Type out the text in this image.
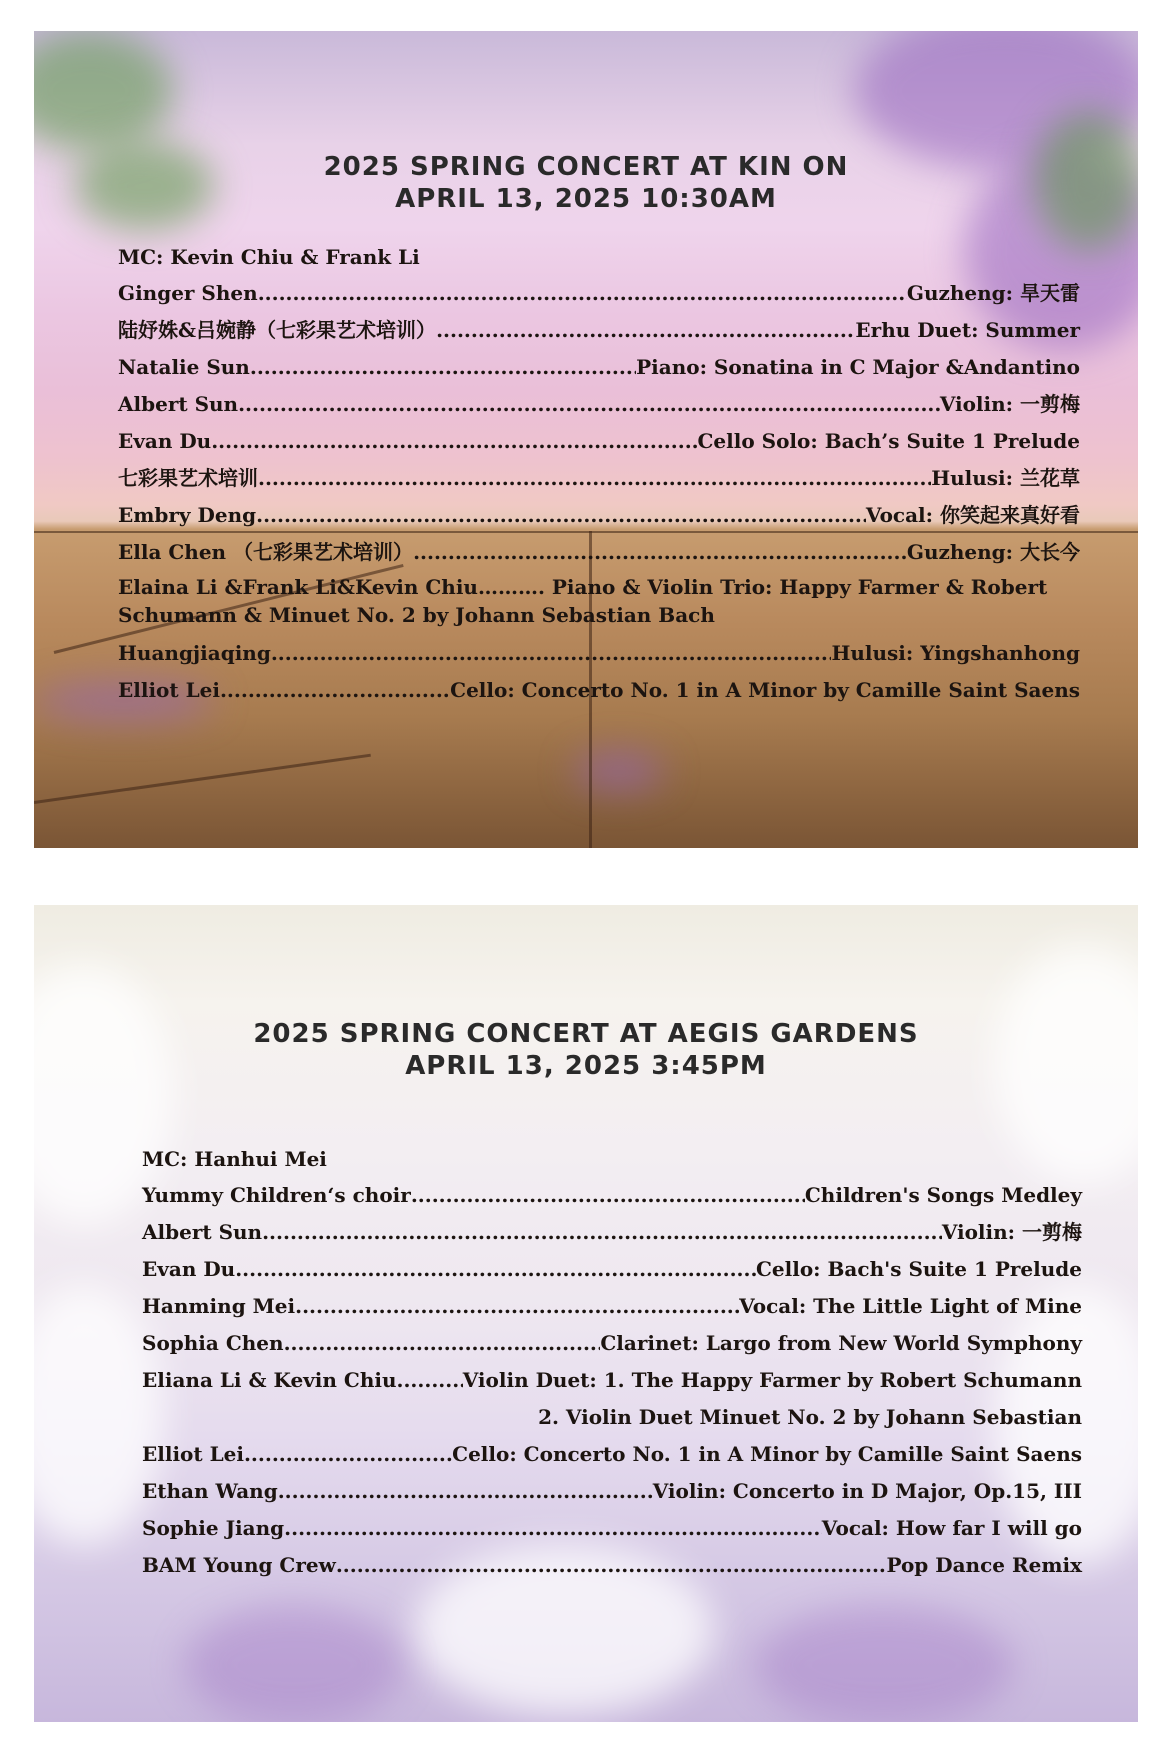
2025 SPRING CONCERT AT KIN ON
APRIL 13, 2025 10:30AM
MC: Kevin Chiu & Frank Li
Ginger Shen .....	Guzheng: 旱天雷
陆妤姝&吕婉静（七彩果艺术培训） .....	Erhu Duet: Summer
Natalie Sun .....	Piano: Sonatina in C Major &Andantino
Albert Sun .....	Violin: 一剪梅
Evan Du .....	Cello Solo: Bach’s Suite 1 Prelude
七彩果艺术培训 .....	Hulusi: 兰花草
Embry Deng .....	Vocal: 你笑起来真好看
Ella Chen （七彩果艺术培训） .....	Guzheng: 大长今
Elaina Li &Frank Li&Kevin Chiu………. Piano & Violin Trio: Happy Farmer & Robert Schumann & Minuet No. 2 by Johann Sebastian Bach
Huangjiaqing .....	Hulusi: Yingshanhong
Elliot Lei .....	Cello: Concerto No. 1 in A Minor by Camille Saint Saens
2025 SPRING CONCERT AT AEGIS GARDENS
APRIL 13, 2025 3:45PM
MC: Hanhui Mei
Yummy Children‘s choir .....	Children's Songs Medley
Albert Sun .....	Violin: 一剪梅
Evan Du .....	Cello: Bach's Suite 1 Prelude
Hanming Mei .....	Vocal: The Little Light of Mine
Sophia Chen .....	Clarinet: Largo from New World Symphony
Eliana Li & Kevin Chiu .....	Violin Duet: 1. The Happy Farmer by Robert Schumann
2. Violin Duet Minuet No. 2 by Johann Sebastian
Elliot Lei .....	Cello: Concerto No. 1 in A Minor by Camille Saint Saens
Ethan Wang .....	Violin: Concerto in D Major, Op.15, III
Sophie Jiang .....	Vocal: How far I will go
BAM Young Crew .....	Pop Dance Remix
